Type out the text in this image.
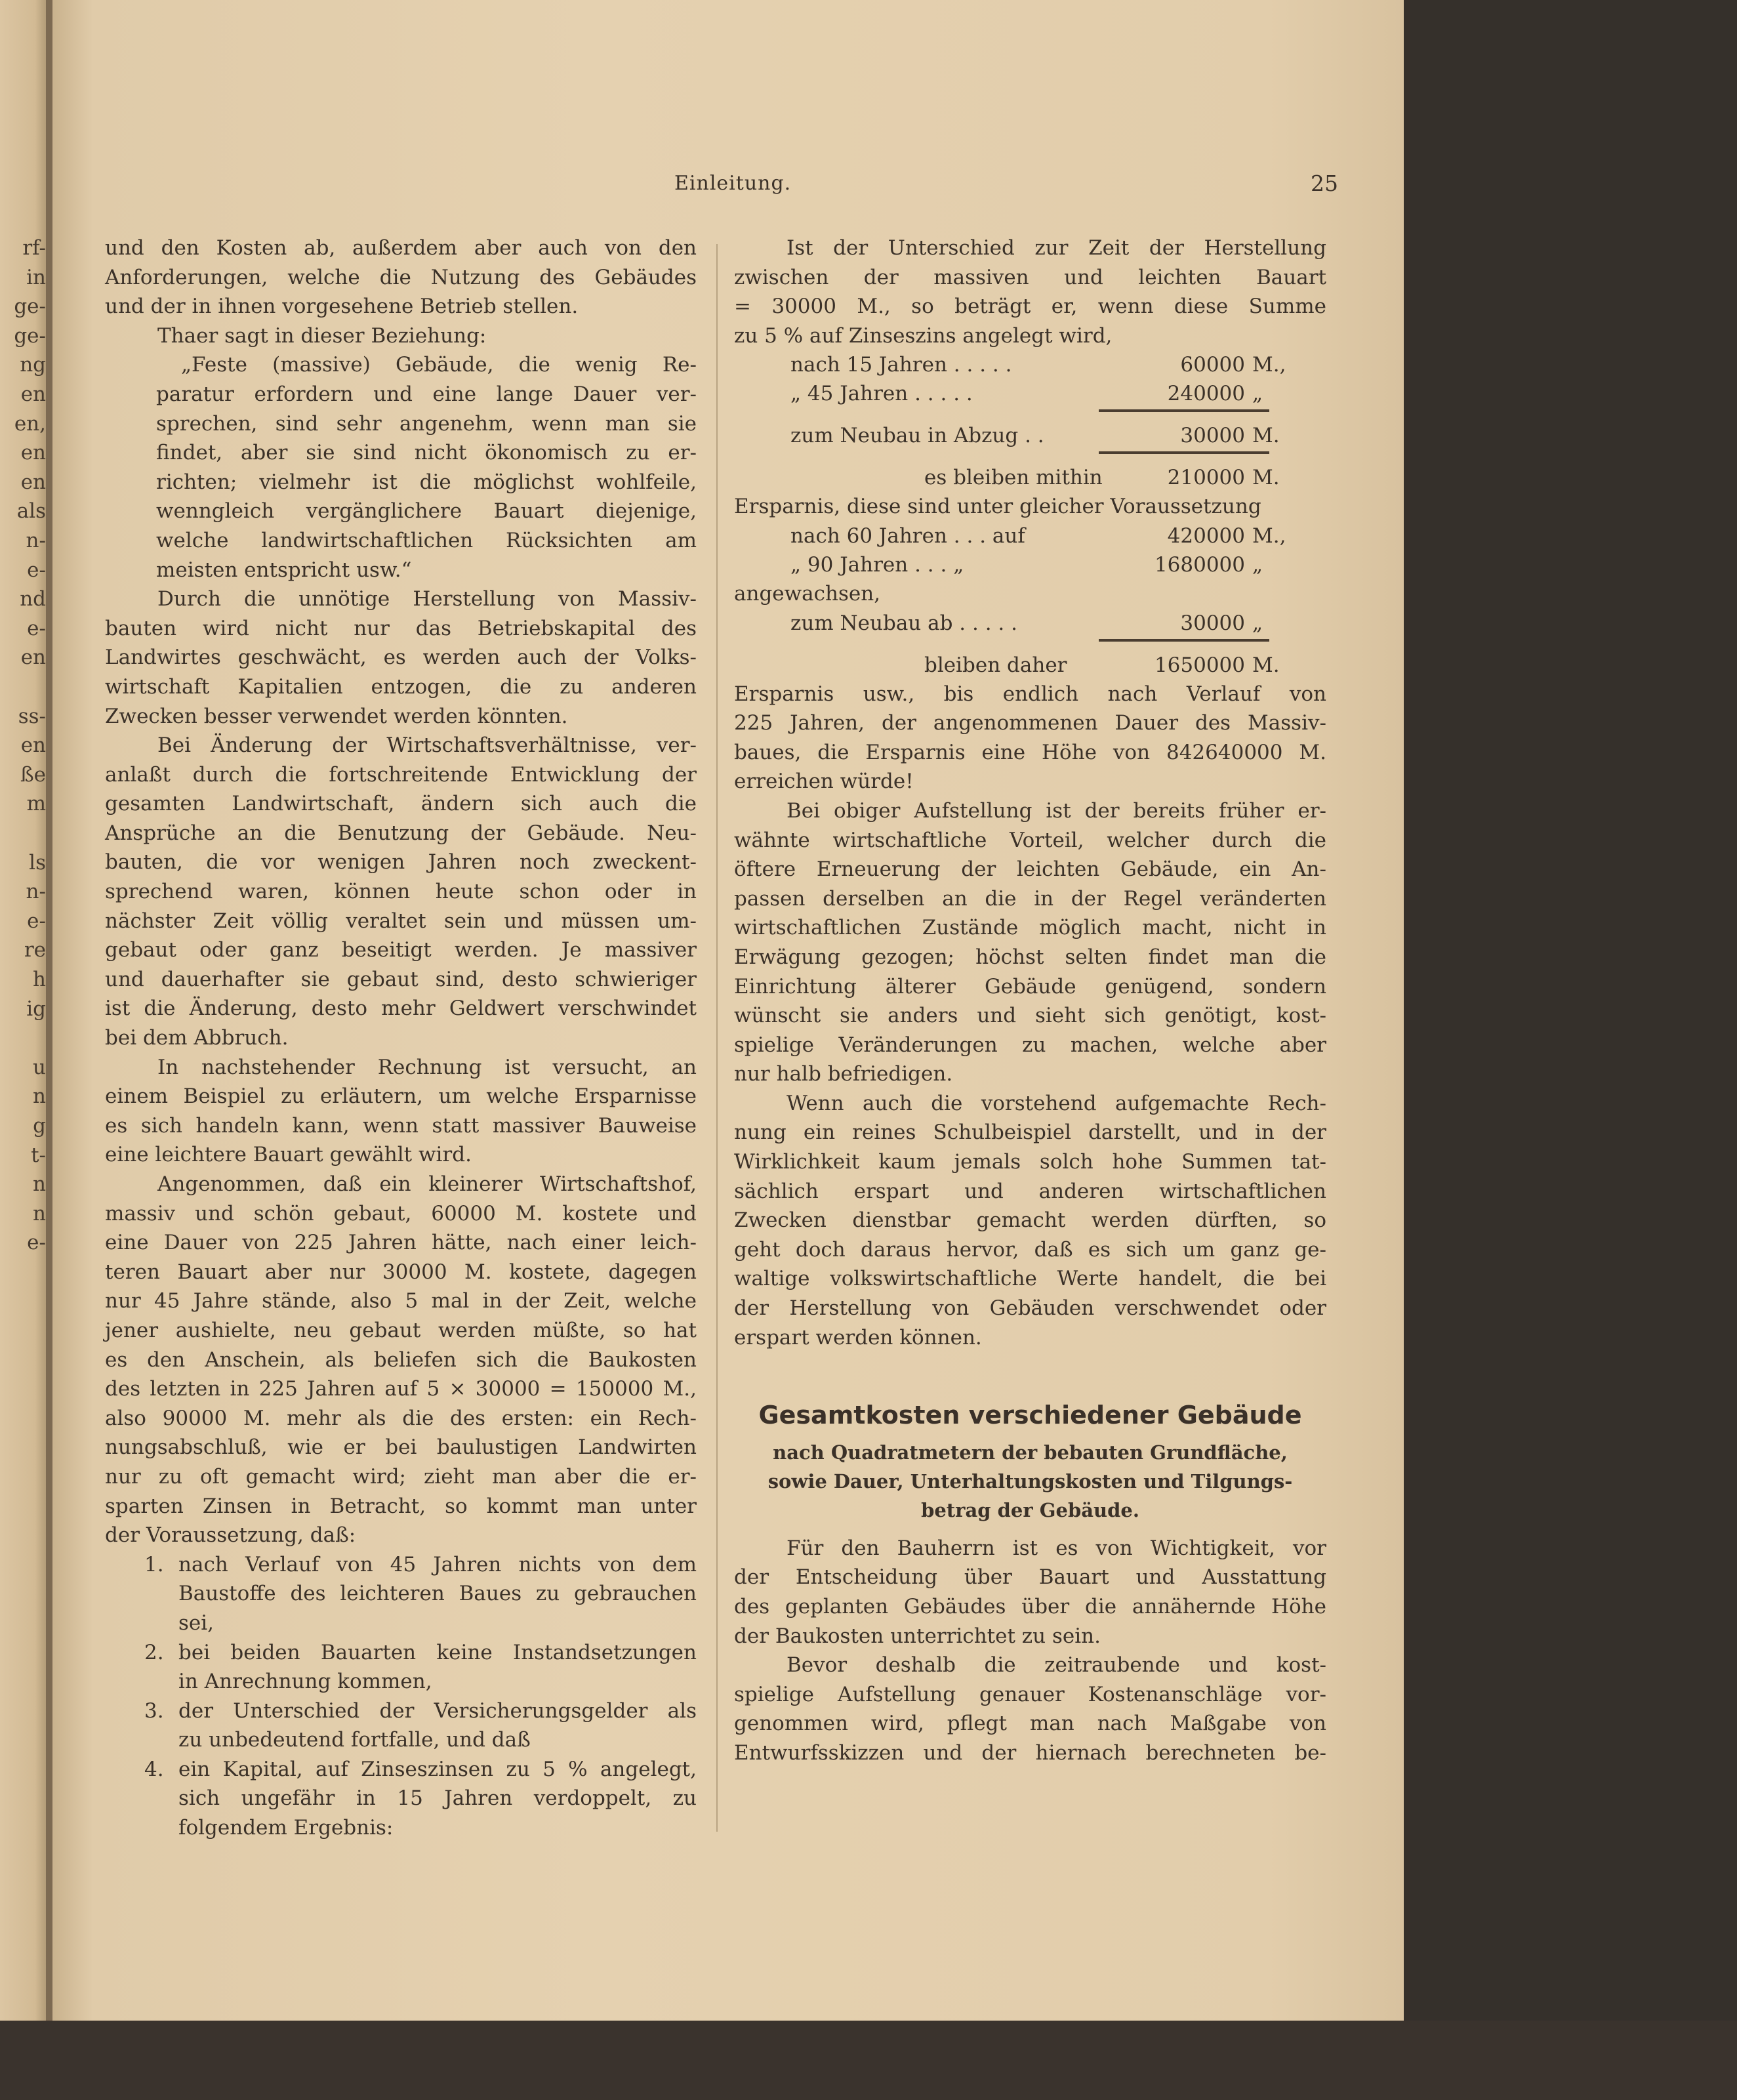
rf-
in
ge-
ge-
ng
en
en,
en
en
als
n-
e-
nd
e-
en
ss-
en
ße
m
ls
n-
e-
re
h
ig
u
n
g
t-
n
n
e-
Einleitung.	25
und den Kosten ab, außerdem aber auch von den
Anforderungen, welche die Nutzung des Gebäudes
und der in ihnen vorgesehene Betrieb stellen.
Thaer sagt in dieser Beziehung:
„Feste (massive) Gebäude, die wenig Re-
paratur erfordern und eine lange Dauer ver-
sprechen, sind sehr angenehm, wenn man sie
findet, aber sie sind nicht ökonomisch zu er-
richten; vielmehr ist die möglichst wohlfeile,
wenngleich vergänglichere Bauart diejenige,
welche landwirtschaftlichen Rücksichten am
meisten entspricht usw.“
Durch die unnötige Herstellung von Massiv-
bauten wird nicht nur das Betriebskapital des
Landwirtes geschwächt, es werden auch der Volks-
wirtschaft Kapitalien entzogen, die zu anderen
Zwecken besser verwendet werden könnten.
Bei Änderung der Wirtschaftsverhältnisse, ver-
anlaßt durch die fortschreitende Entwicklung der
gesamten Landwirtschaft, ändern sich auch die
Ansprüche an die Benutzung der Gebäude. Neu-
bauten, die vor wenigen Jahren noch zweckent-
sprechend waren, können heute schon oder in
nächster Zeit völlig veraltet sein und müssen um-
gebaut oder ganz beseitigt werden. Je massiver
und dauerhafter sie gebaut sind, desto schwieriger
ist die Änderung, desto mehr Geldwert verschwindet
bei dem Abbruch.
In nachstehender Rechnung ist versucht, an
einem Beispiel zu erläutern, um welche Ersparnisse
es sich handeln kann, wenn statt massiver Bauweise
eine leichtere Bauart gewählt wird.
Angenommen, daß ein kleinerer Wirtschaftshof,
massiv und schön gebaut, 60000 M. kostete und
eine Dauer von 225 Jahren hätte, nach einer leich-
teren Bauart aber nur 30000 M. kostete, dagegen
nur 45 Jahre stände, also 5 mal in der Zeit, welche
jener aushielte, neu gebaut werden müßte, so hat
es den Anschein, als beliefen sich die Baukosten
des letzten in 225 Jahren auf 5 × 30000 = 150000 M.,
also 90000 M. mehr als die des ersten: ein Rech-
nungsabschluß, wie er bei baulustigen Landwirten
nur zu oft gemacht wird; zieht man aber die er-
sparten Zinsen in Betracht, so kommt man unter
der Voraussetzung, daß:
1. nach Verlauf von 45 Jahren nichts von dem
Baustoffe des leichteren Baues zu gebrauchen
sei,
2. bei beiden Bauarten keine Instandsetzungen
in Anrechnung kommen,
3. der Unterschied der Versicherungsgelder als
zu unbedeutend fortfalle, und daß
4. ein Kapital, auf Zinseszinsen zu 5 % angelegt,
sich ungefähr in 15 Jahren verdoppelt, zu
folgendem Ergebnis:
Ist der Unterschied zur Zeit der Herstellung
zwischen der massiven und leichten Bauart
= 30000 M., so beträgt er, wenn diese Summe
zu 5 % auf Zinseszins angelegt wird,
nach 15 Jahren . . . . .	60000 M.,
„ 45 Jahren . . . . .	240000 „
zum Neubau in Abzug . .	30000 M.
es bleiben mithin	210000 M.
Ersparnis, diese sind unter gleicher Voraussetzung
nach 60 Jahren . . . auf	420000 M.,
„ 90 Jahren . . . „	1680000 „
angewachsen,
zum Neubau ab . . . . .	30000 „
bleiben daher	1650000 M.
Ersparnis usw., bis endlich nach Verlauf von
225 Jahren, der angenommenen Dauer des Massiv-
baues, die Ersparnis eine Höhe von 842640000 M.
erreichen würde!
Bei obiger Aufstellung ist der bereits früher er-
wähnte wirtschaftliche Vorteil, welcher durch die
öftere Erneuerung der leichten Gebäude, ein An-
passen derselben an die in der Regel veränderten
wirtschaftlichen Zustände möglich macht, nicht in
Erwägung gezogen; höchst selten findet man die
Einrichtung älterer Gebäude genügend, sondern
wünscht sie anders und sieht sich genötigt, kost-
spielige Veränderungen zu machen, welche aber
nur halb befriedigen.
Wenn auch die vorstehend aufgemachte Rech-
nung ein reines Schulbeispiel darstellt, und in der
Wirklichkeit kaum jemals solch hohe Summen tat-
sächlich erspart und anderen wirtschaftlichen
Zwecken dienstbar gemacht werden dürften, so
geht doch daraus hervor, daß es sich um ganz ge-
waltige volkswirtschaftliche Werte handelt, die bei
der Herstellung von Gebäuden verschwendet oder
erspart werden können.
Gesamtkosten verschiedener Gebäude
nach Quadratmetern der bebauten Grundfläche,
sowie Dauer, Unterhaltungskosten und Tilgungs-
betrag der Gebäude.
Für den Bauherrn ist es von Wichtigkeit, vor
der Entscheidung über Bauart und Ausstattung
des geplanten Gebäudes über die annähernde Höhe
der Baukosten unterrichtet zu sein.
Bevor deshalb die zeitraubende und kost-
spielige Aufstellung genauer Kostenanschläge vor-
genommen wird, pflegt man nach Maßgabe von
Entwurfsskizzen und der hiernach berechneten be-
